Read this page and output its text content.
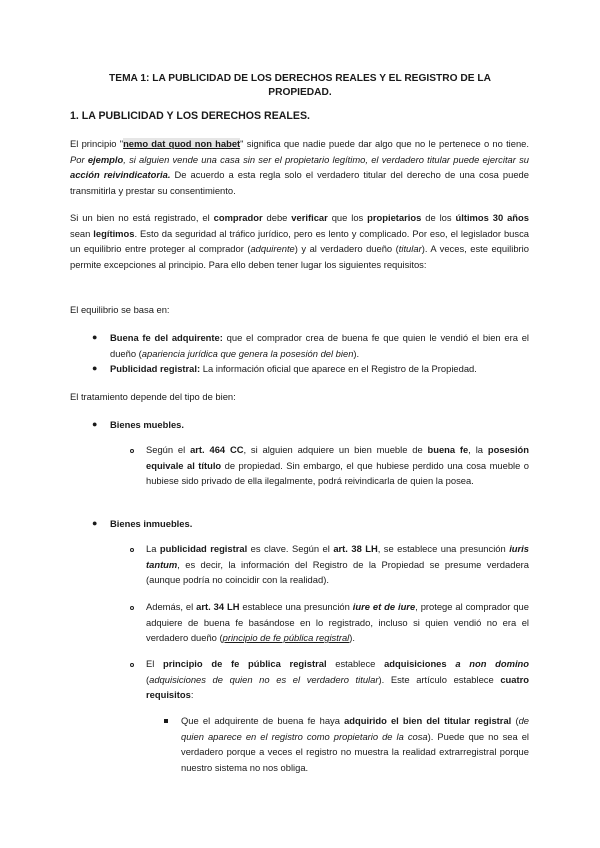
TEMA 1: LA PUBLICIDAD DE LOS DERECHOS REALES Y EL REGISTRO DE LA PROPIEDAD.
1. LA PUBLICIDAD Y LOS DERECHOS REALES.

El principio "nemo dat quod non habet" significa que nadie puede dar algo que no le pertenece o no tiene. Por ejemplo, si alguien vende una casa sin ser el propietario legítimo, el verdadero titular puede ejercitar su acción reivindicatoria. De acuerdo a esta regla solo el verdadero titular del derecho de una cosa puede transmitirla y prestar su consentimiento.

Si un bien no está registrado, el comprador debe verificar que los propietarios de los últimos 30 años sean legítimos. Esto da seguridad al tráfico jurídico, pero es lento y complicado. Por eso, el legislador busca un equilibrio entre proteger al comprador (adquirente) y al verdadero dueño (titular). A veces, este equilibrio permite excepciones al principio. Para ello deben tener lugar los siguientes requisitos:

El equilibrio se basa en:

● Buena fe del adquirente: que el comprador crea de buena fe que quien le vendió el bien era el dueño (apariencia jurídica que genera la posesión del bien).

● Publicidad registral: La información oficial que aparece en el Registro de la Propiedad.

El tratamiento depende del tipo de bien:

● Bienes muebles.

Según el art. 464 CC, si alguien adquiere un bien mueble de buena fe, la posesión equivale al título de propiedad. Sin embargo, el que hubiese perdido una cosa mueble o hubiese sido privado de ella ilegalmente, podrá reivindicarla de quien la posea.

● Bienes inmuebles.

La publicidad registral es clave. Según el art. 38 LH, se establece una presunción iuris tantum, es decir, la información del Registro de la Propiedad se presume verdadera (aunque podría no coincidir con la realidad).

Además, el art. 34 LH establece una presunción iure et de iure, protege al comprador que adquiere de buena fe basándose en lo registrado, incluso si quien vendió no era el verdadero dueño (principio de fe pública registral).

El principio de fe pública registral establece adquisiciones a non domino (adquisiciones de quien no es el verdadero titular). Este artículo establece cuatro requisitos:

Que el adquirente de buena fe haya adquirido el bien del titular registral (de quien aparece en el registro como propietario de la cosa). Puede que no sea el verdadero porque a veces el registro no muestra la realidad extrarregistral porque nuestro sistema no nos obliga.
